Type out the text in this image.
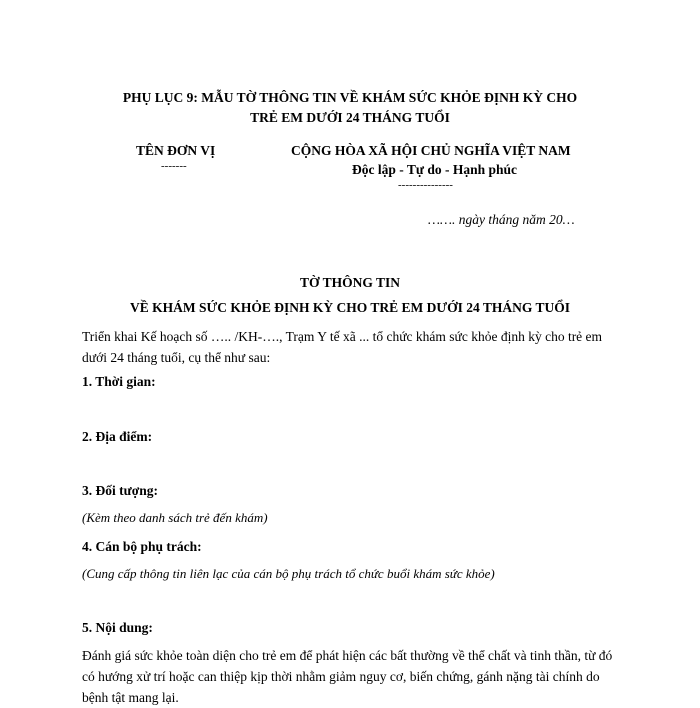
PHỤ LỤC 9: MẪU TỜ THÔNG TIN VỀ KHÁM SỨC KHỎE ĐỊNH KỲ CHO
TRẺ EM DƯỚI 24 THÁNG TUỔI
TÊN ĐƠN VỊ
-------
CỘNG HÒA XÃ HỘI CHỦ NGHĨA VIỆT NAM
Độc lập - Tự do - Hạnh phúc
---------------
……. ngày tháng năm 20…
TỜ THÔNG TIN
VỀ KHÁM SỨC KHỎE ĐỊNH KỲ CHO TRẺ EM DƯỚI 24 THÁNG TUỔI
Triển khai Kế hoạch số ….. /KH-…., Trạm Y tế xã ... tổ chức khám sức khỏe định kỳ cho trẻ em dưới 24 tháng tuổi, cụ thể như sau:
1. Thời gian:
2. Địa điểm:
3. Đối tượng:
(Kèm theo danh sách trẻ đến khám)
4. Cán bộ phụ trách:
(Cung cấp thông tin liên lạc của cán bộ phụ trách tổ chức buổi khám sức khỏe)
5. Nội dung:
Đánh giá sức khỏe toàn diện cho trẻ em để phát hiện các bất thường về thể chất và tinh thần, từ đó có hướng xử trí hoặc can thiệp kịp thời nhằm giảm nguy cơ, biến chứng, gánh nặng tài chính do bệnh tật mang lại.
